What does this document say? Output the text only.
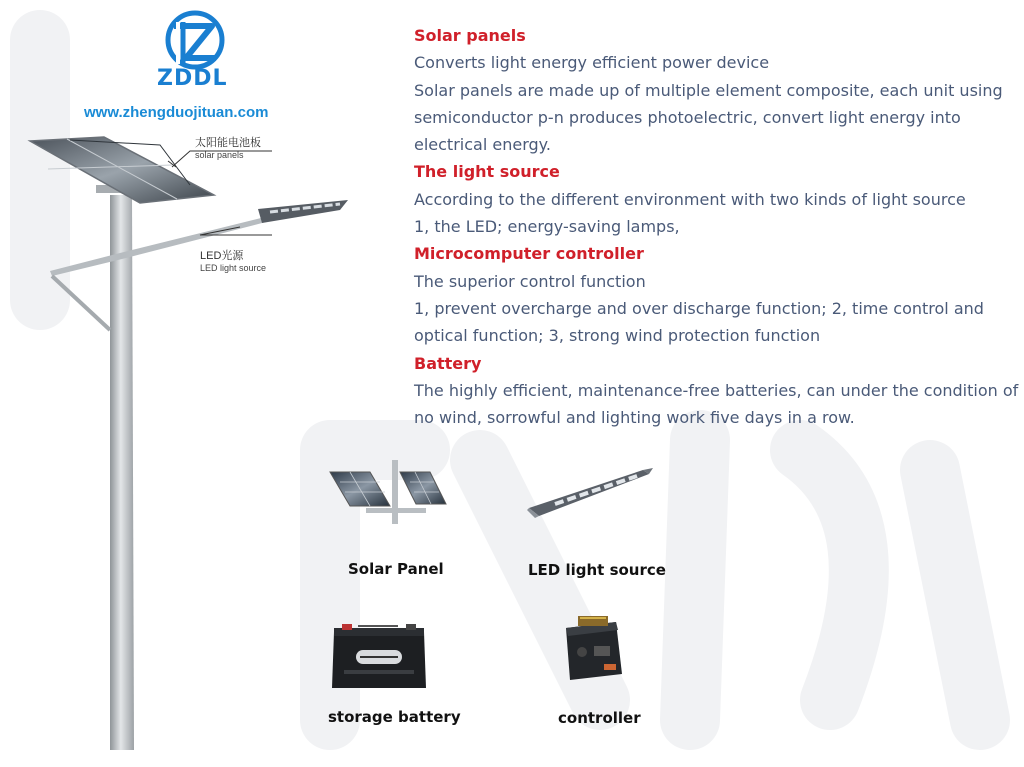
ZDDL
www.zhengduojituan.com
太阳能电池板
solar panels
LED光源
LED light source
Solar panels
Converts light energy efficient power device
Solar panels are made up of multiple element composite, each unit using
semiconductor p-n produces photoelectric, convert light energy into
electrical energy.
The light source
According to the different environment with two kinds of light source
1, the LED; energy-saving lamps,
Microcomputer controller
The superior control function
1, prevent overcharge and over discharge function; 2, time control and
optical function; 3, strong wind protection function
Battery
The highly efficient, maintenance-free batteries, can under the condition of
no wind, sorrowful and lighting work five days in a row.
Solar Panel	LED light source
storage battery	controller
